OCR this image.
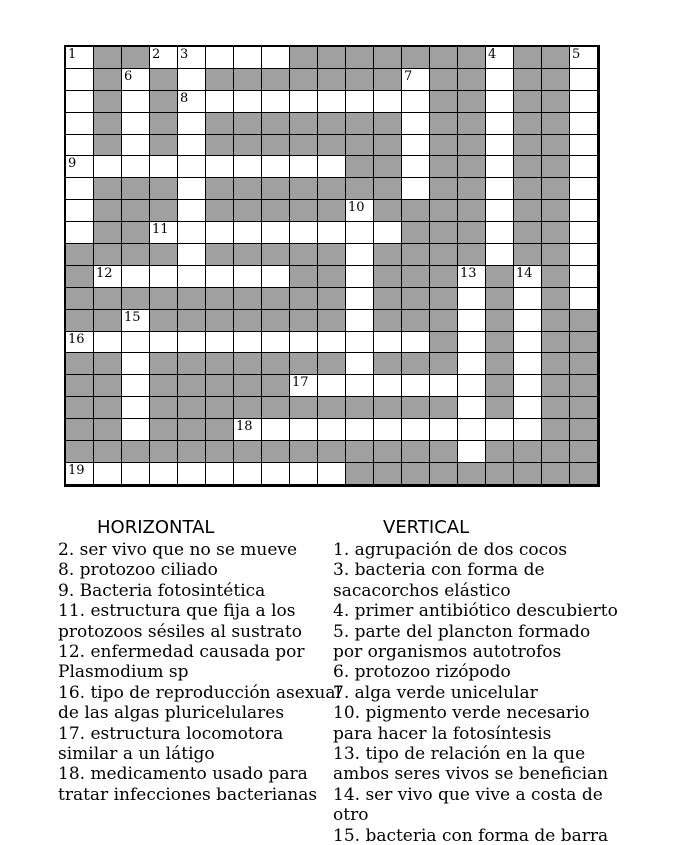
1	2 3	4	5
6	7
8
9
10
11
12	13	14
15
16
17
18
19
HORIZONTAL	VERTICAL
2. ser vivo que no se mueve
8. protozoo ciliado
9. Bacteria fotosintética
11. estructura que fija a los
protozoos sésiles al sustrato
12. enfermedad causada por
Plasmodium sp
16. tipo de reproducción asexual
de las algas pluricelulares
17. estructura locomotora
similar a un látigo
18. medicamento usado para
tratar infecciones bacterianas
1. agrupación de dos cocos
3. bacteria con forma de
sacacorchos elástico
4. primer antibiótico descubierto
5. parte del plancton formado
por organismos autotrofos
6. protozoo rizópodo
7. alga verde unicelular
10. pigmento verde necesario
para hacer la fotosíntesis
13. tipo de relación en la que
ambos seres vivos se benefician
14. ser vivo que vive a costa de
otro
15. bacteria con forma de barra
